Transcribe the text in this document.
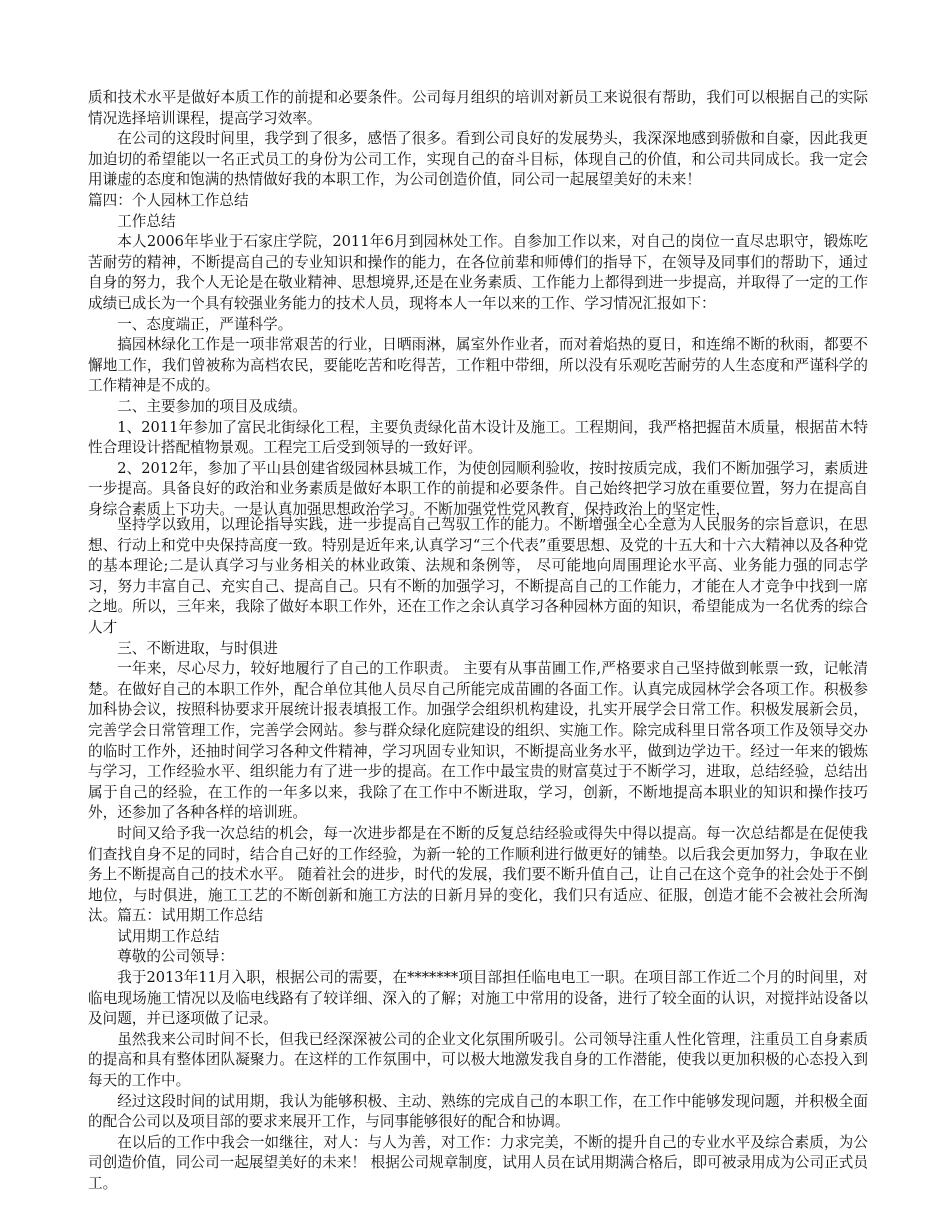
质和技术水平是做好本质工作的前提和必要条件。公司每月组织的培训对新员工来说很有帮助，我们可以根据自己的实际情况选择培训课程，提高学习效率。

在公司的这段时间里，我学到了很多，感悟了很多。看到公司良好的发展势头，我深深地感到骄傲和自豪，因此我更加迫切的希望能以一名正式员工的身份为公司工作，实现自己的奋斗目标，体现自己的价值，和公司共同成长。我一定会用谦虚的态度和饱满的热情做好我的本职工作，为公司创造价值，同公司一起展望美好的未来！

篇四：个人园林工作总结

工作总结

本人2006年毕业于石家庄学院，2011年6月到园林处工作。自参加工作以来，对自己的岗位一直尽忠职守，锻炼吃苦耐劳的精神，不断提高自己的专业知识和操作的能力，在各位前辈和师傅们的指导下，在领导及同事们的帮助下，通过自身的努力，我个人无论是在敬业精神、思想境界,还是在业务素质、工作能力上都得到进一步提高，并取得了一定的工作成绩已成长为一个具有较强业务能力的技术人员，现将本人一年以来的工作、学习情况汇报如下：

一、态度端正，严谨科学。

搞园林绿化工作是一项非常艰苦的行业，日晒雨淋，属室外作业者，而对着焰热的夏日，和连绵不断的秋雨，都要不懈地工作，我们曾被称为高档农民，要能吃苦和吃得苦，工作粗中带细，所以没有乐观吃苦耐劳的人生态度和严谨科学的工作精神是不成的。

二、主要参加的项目及成绩。

1、2011年参加了富民北街绿化工程，主要负责绿化苗木设计及施工。工程期间，我严格把握苗木质量，根据苗木特性合理设计搭配植物景观。工程完工后受到领导的一致好评。

2、2012年，参加了平山县创建省级园林县城工作，为使创园顺利验收，按时按质完成，我们不断加强学习，素质进一步提高。具备良好的政治和业务素质是做好本职工作的前提和必要条件。自己始终把学习放在重要位置，努力在提高自身综合素质上下功夫。一是认真加强思想政治学习。不断加强党性党风教育，保持政治上的坚定性，

坚持学以致用，以理论指导实践，进一步提高自己驾驭工作的能力。不断增强全心全意为人民服务的宗旨意识，在思想、行动上和党中央保持高度一致。特别是近年来,认真学习“三个代表”重要思想、及党的十五大和十六大精神以及各种党的基本理论;二是认真学习与业务相关的林业政策、法规和条例等， 尽可能地向周围理论水平高、业务能力强的同志学习，努力丰富自己、充实自己、提高自己。只有不断的加强学习，不断提高自己的工作能力，才能在人才竞争中找到一席之地。所以，三年来，我除了做好本职工作外，还在工作之余认真学习各种园林方面的知识，希望能成为一名优秀的综合人才

三、不断进取，与时俱进

一年来，尽心尽力，较好地履行了自己的工作职责。 主要有从事苗圃工作,严格要求自己坚持做到帐票一致，记帐清楚。在做好自己的本职工作外，配合单位其他人员尽自己所能完成苗圃的各面工作。认真完成园林学会各项工作。积极参加科协会议，按照科协要求开展统计报表填报工作。加强学会组织机构建设，扎实开展学会日常工作。积极发展新会员，完善学会日常管理工作，完善学会网站。参与群众绿化庭院建设的组织、实施工作。除完成科里日常各项工作及领导交办的临时工作外，还抽时间学习各种文件精神，学习巩固专业知识，不断提高业务水平，做到边学边干。经过一年来的锻炼与学习，工作经验水平、组织能力有了进一步的提高。在工作中最宝贵的财富莫过于不断学习，进取，总结经验，总结出属于自己的经验，在工作的一年多以来，我除了在工作中不断进取，学习，创新，不断地提高本职业的知识和操作技巧外，还参加了各种各样的培训班。

时间又给予我一次总结的机会，每一次进步都是在不断的反复总结经验或得失中得以提高。每一次总结都是在促使我们查找自身不足的同时，结合自己好的工作经验，为新一轮的工作顺利进行做更好的铺垫。以后我会更加努力，争取在业务上不断提高自己的技术水平。 随着社会的进步，时代的发展，我们要不断升值自己，让自己在这个竞争的社会处于不倒地位，与时俱进，施工工艺的不断创新和施工方法的日新月异的变化，我们只有适应、征服，创造才能不会被社会所淘汰。篇五：试用期工作总结

试用期工作总结

尊敬的公司领导：

我于2013年11月入职，根据公司的需要，在*******项目部担任临电电工一职。在项目部工作近二个月的时间里，对临电现场施工情况以及临电线路有了较详细、深入的了解；对施工中常用的设备，进行了较全面的认识，对搅拌站设备以及问题，并已逐项做了记录。

虽然我来公司时间不长，但我已经深深被公司的企业文化氛围所吸引。公司领导注重人性化管理，注重员工自身素质的提高和具有整体团队凝聚力。在这样的工作氛围中，可以极大地激发我自身的工作潜能，使我以更加积极的心态投入到每天的工作中。

经过这段时间的试用期，我认为能够积极、主动、熟练的完成自己的本职工作，在工作中能够发现问题，并积极全面的配合公司以及项目部的要求来展开工作，与同事能够很好的配合和协调。

在以后的工作中我会一如继往，对人：与人为善，对工作：力求完美，不断的提升自己的专业水平及综合素质，为公司创造价值，同公司一起展望美好的未来！ 根据公司规章制度，试用人员在试用期满合格后，即可被录用成为公司正式员工。
